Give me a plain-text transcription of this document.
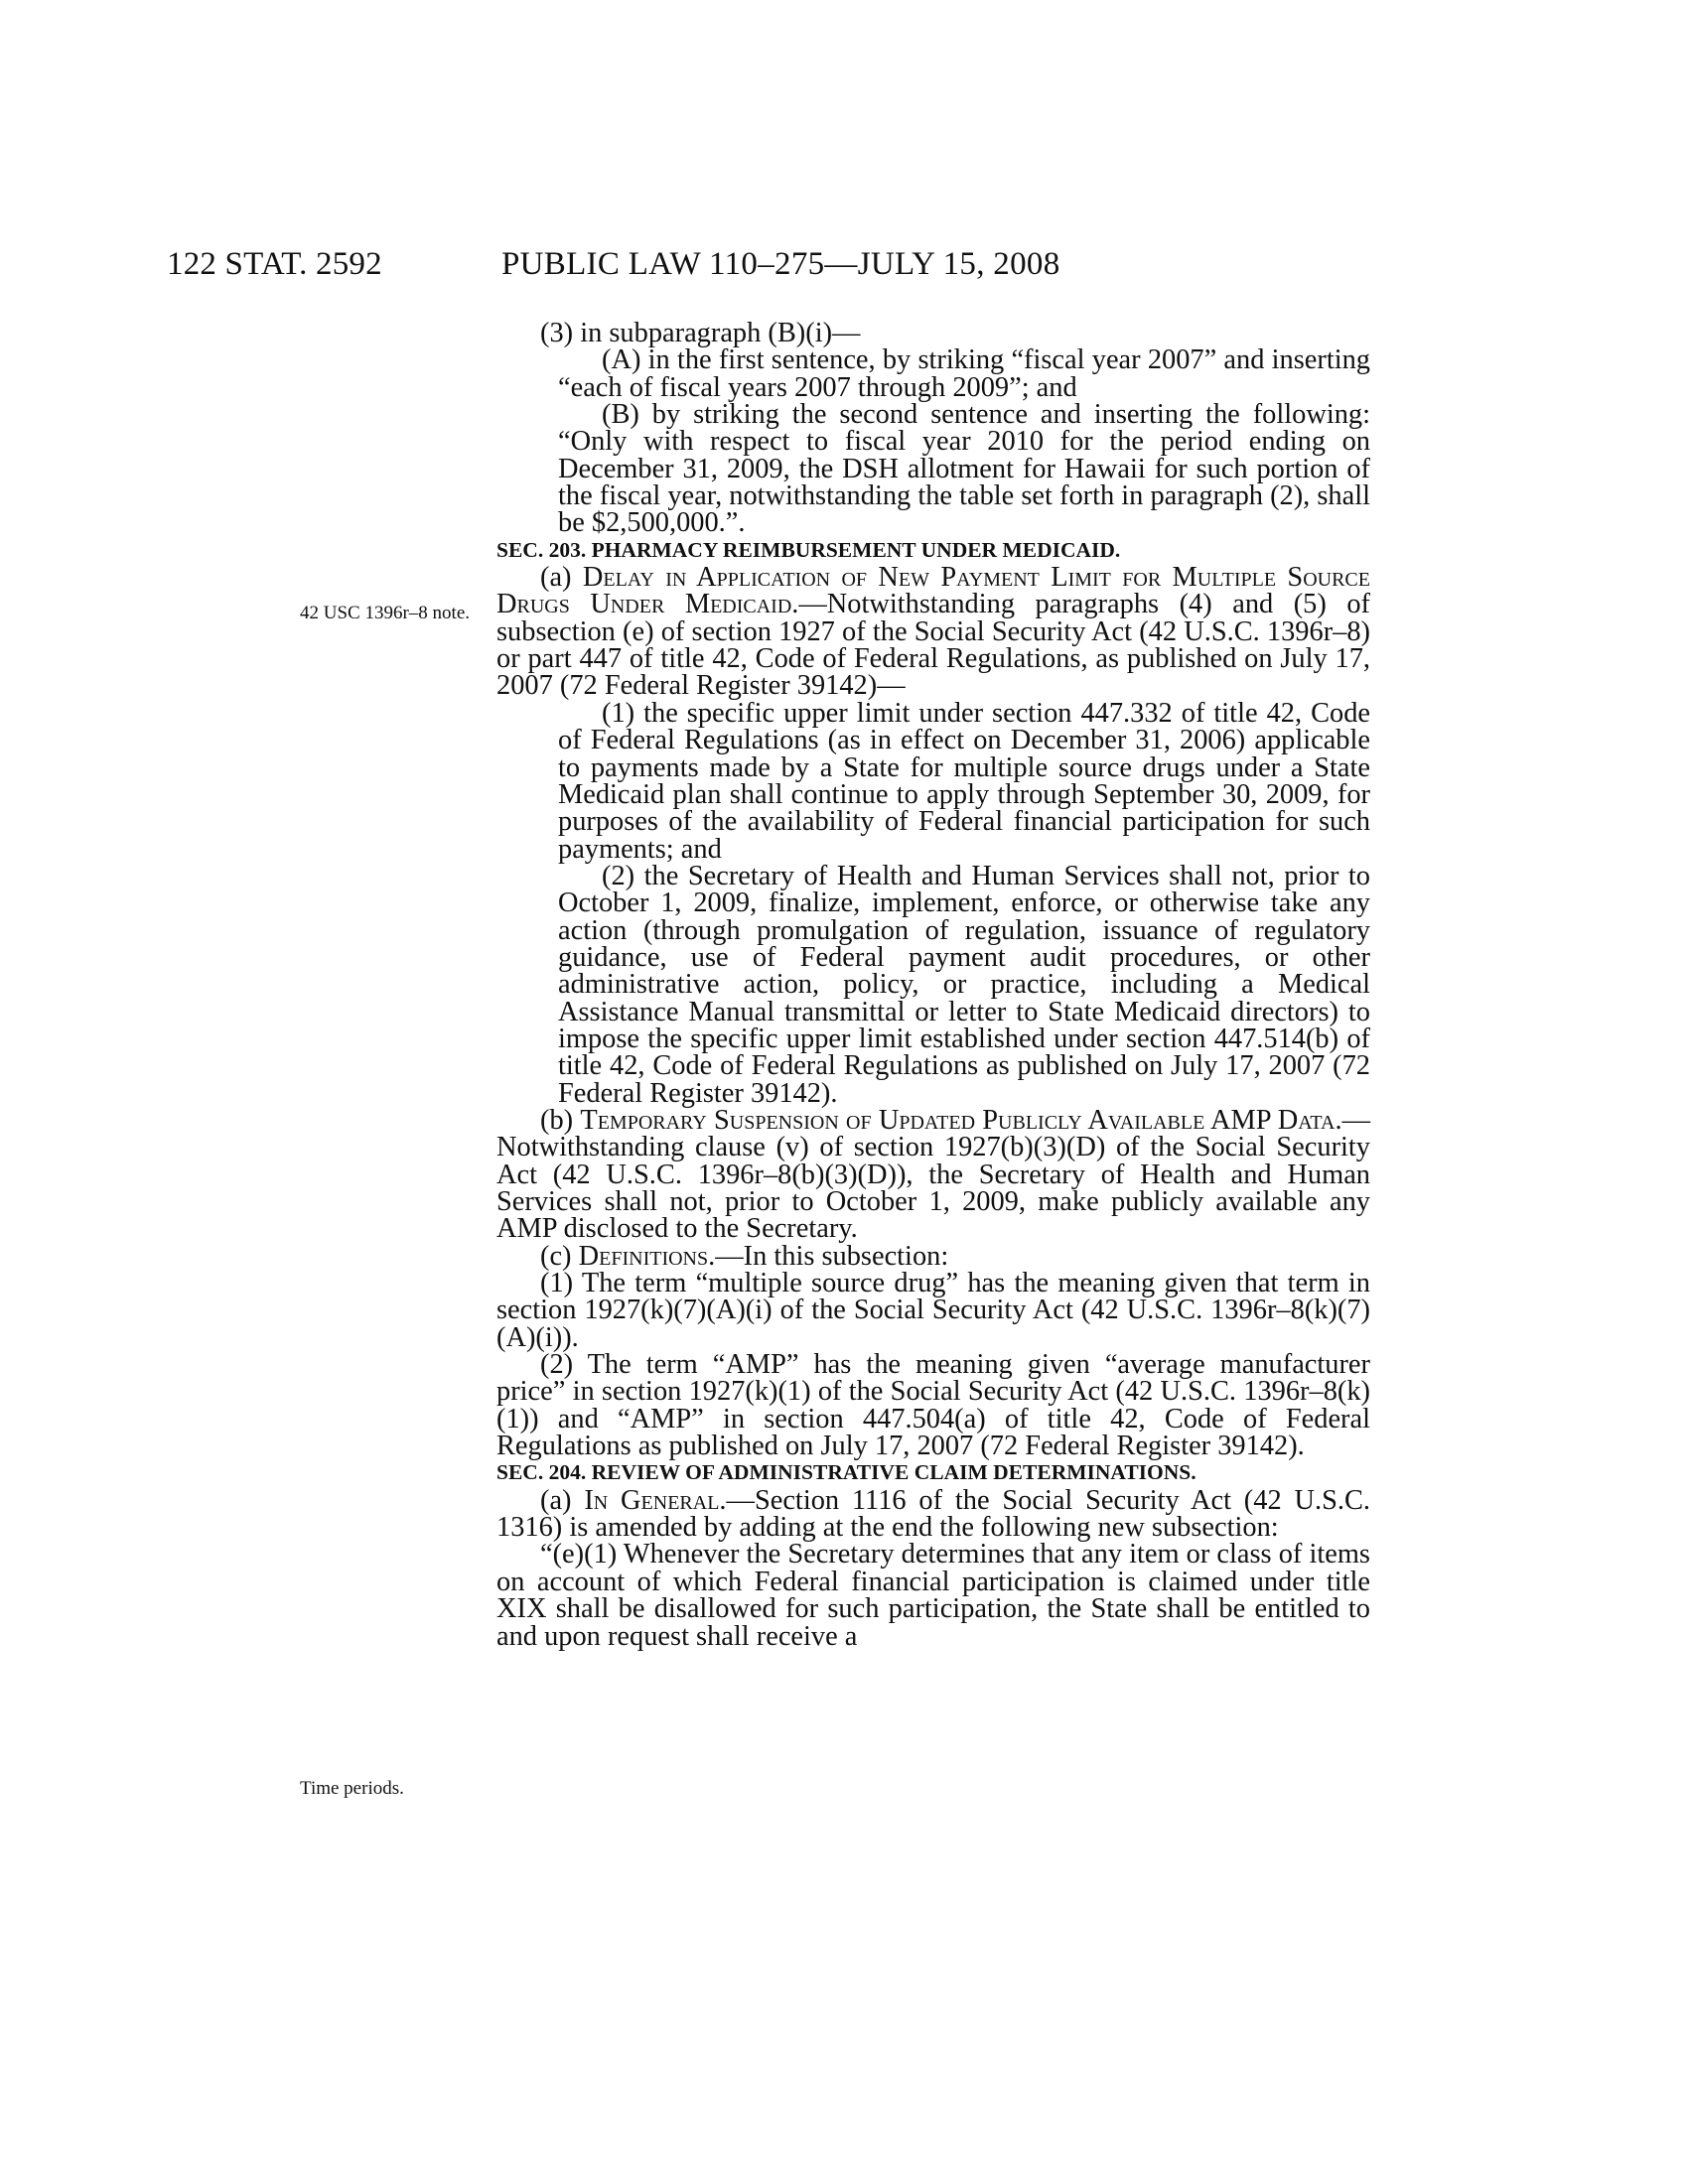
122 STAT. 2592	PUBLIC LAW 110–275—JULY 15, 2008
42 USC 1396r–8 note.
Time periods.

(3) in subparagraph (B)(i)—

(A) in the first sentence, by striking “fiscal year 2007” and inserting “each of fiscal years 2007 through 2009”; and

(B) by striking the second sentence and inserting the following: “Only with respect to fiscal year 2010 for the period ending on December 31, 2009, the DSH allotment for Hawaii for such portion of the fiscal year, notwithstanding the table set forth in paragraph (2), shall be $2,500,000.”.

SEC. 203. PHARMACY REIMBURSEMENT UNDER MEDICAID.

(a) Delay in Application of New Payment Limit for Multiple Source Drugs Under Medicaid.—Notwithstanding paragraphs (4) and (5) of subsection (e) of section 1927 of the Social Security Act (42 U.S.C. 1396r–8) or part 447 of title 42, Code of Federal Regulations, as published on July 17, 2007 (72 Federal Register 39142)—

(1) the specific upper limit under section 447.332 of title 42, Code of Federal Regulations (as in effect on December 31, 2006) applicable to payments made by a State for multiple source drugs under a State Medicaid plan shall continue to apply through September 30, 2009, for purposes of the availability of Federal financial participation for such payments; and

(2) the Secretary of Health and Human Services shall not, prior to October 1, 2009, finalize, implement, enforce, or otherwise take any action (through promulgation of regulation, issuance of regulatory guidance, use of Federal payment audit procedures, or other administrative action, policy, or practice, including a Medical Assistance Manual transmittal or letter to State Medicaid directors) to impose the specific upper limit established under section 447.514(b) of title 42, Code of Federal Regulations as published on July 17, 2007 (72 Federal Register 39142).

(b) Temporary Suspension of Updated Publicly Available AMP Data.—Notwithstanding clause (v) of section 1927(b)(3)(D) of the Social Security Act (42 U.S.C. 1396r–8(b)(3)(D)), the Secretary of Health and Human Services shall not, prior to October 1, 2009, make publicly available any AMP disclosed to the Secretary.

(c) Definitions.—In this subsection:

(1) The term “multiple source drug” has the meaning given that term in section 1927(k)(7)(A)(i) of the Social Security Act (42 U.S.C. 1396r–8(k)(7)(A)(i)).

(2) The term “AMP” has the meaning given “average manufacturer price” in section 1927(k)(1) of the Social Security Act (42 U.S.C. 1396r–8(k)(1)) and “AMP” in section 447.504(a) of title 42, Code of Federal Regulations as published on July 17, 2007 (72 Federal Register 39142).

SEC. 204. REVIEW OF ADMINISTRATIVE CLAIM DETERMINATIONS.

(a) In General.—Section 1116 of the Social Security Act (42 U.S.C. 1316) is amended by adding at the end the following new subsection:

“(e)(1) Whenever the Secretary determines that any item or class of items on account of which Federal financial participation is claimed under title XIX shall be disallowed for such participation, the State shall be entitled to and upon request shall receive a
